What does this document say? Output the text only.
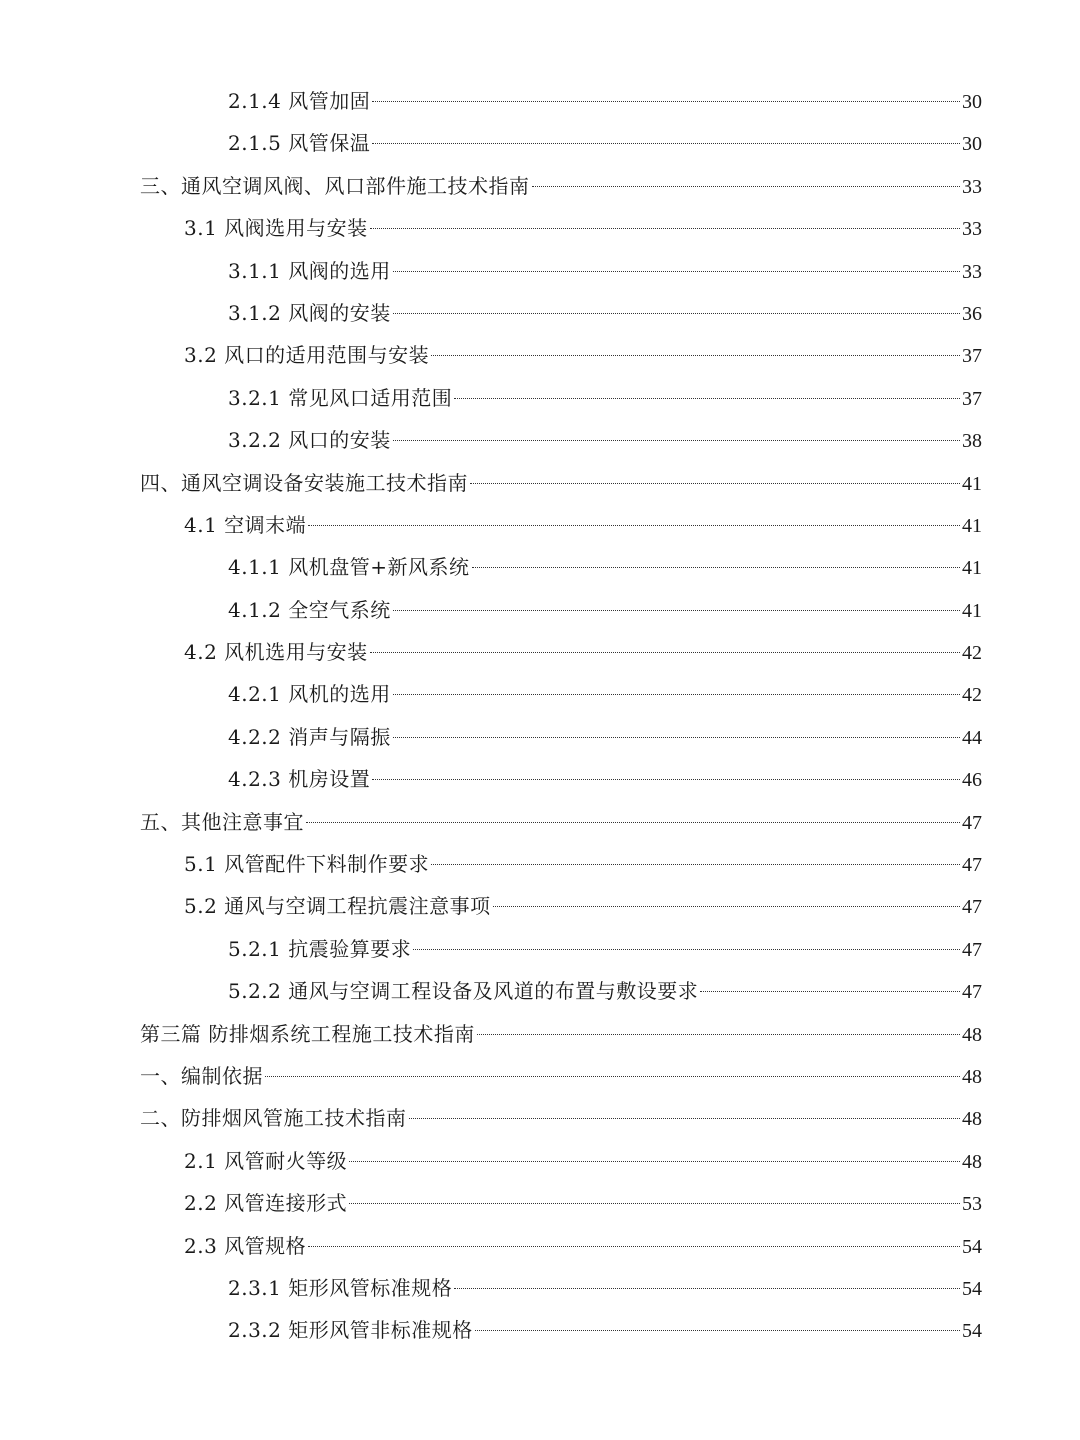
2.1.4 风管加固	30
2.1.5 风管保温	30
三、通风空调风阀、风口部件施工技术指南	33
3.1 风阀选用与安装	33
3.1.1 风阀的选用	33
3.1.2 风阀的安装	36
3.2 风口的适用范围与安装	37
3.2.1 常见风口适用范围	37
3.2.2 风口的安装	38
四、通风空调设备安装施工技术指南	41
4.1 空调末端	41
4.1.1 风机盘管+新风系统	41
4.1.2 全空气系统	41
4.2 风机选用与安装	42
4.2.1 风机的选用	42
4.2.2 消声与隔振	44
4.2.3 机房设置	46
五、其他注意事宜	47
5.1 风管配件下料制作要求	47
5.2 通风与空调工程抗震注意事项	47
5.2.1 抗震验算要求	47
5.2.2 通风与空调工程设备及风道的布置与敷设要求	47
第三篇 防排烟系统工程施工技术指南	48
一、编制依据	48
二、防排烟风管施工技术指南	48
2.1 风管耐火等级	48
2.2 风管连接形式	53
2.3 风管规格	54
2.3.1 矩形风管标准规格	54
2.3.2 矩形风管非标准规格	54
